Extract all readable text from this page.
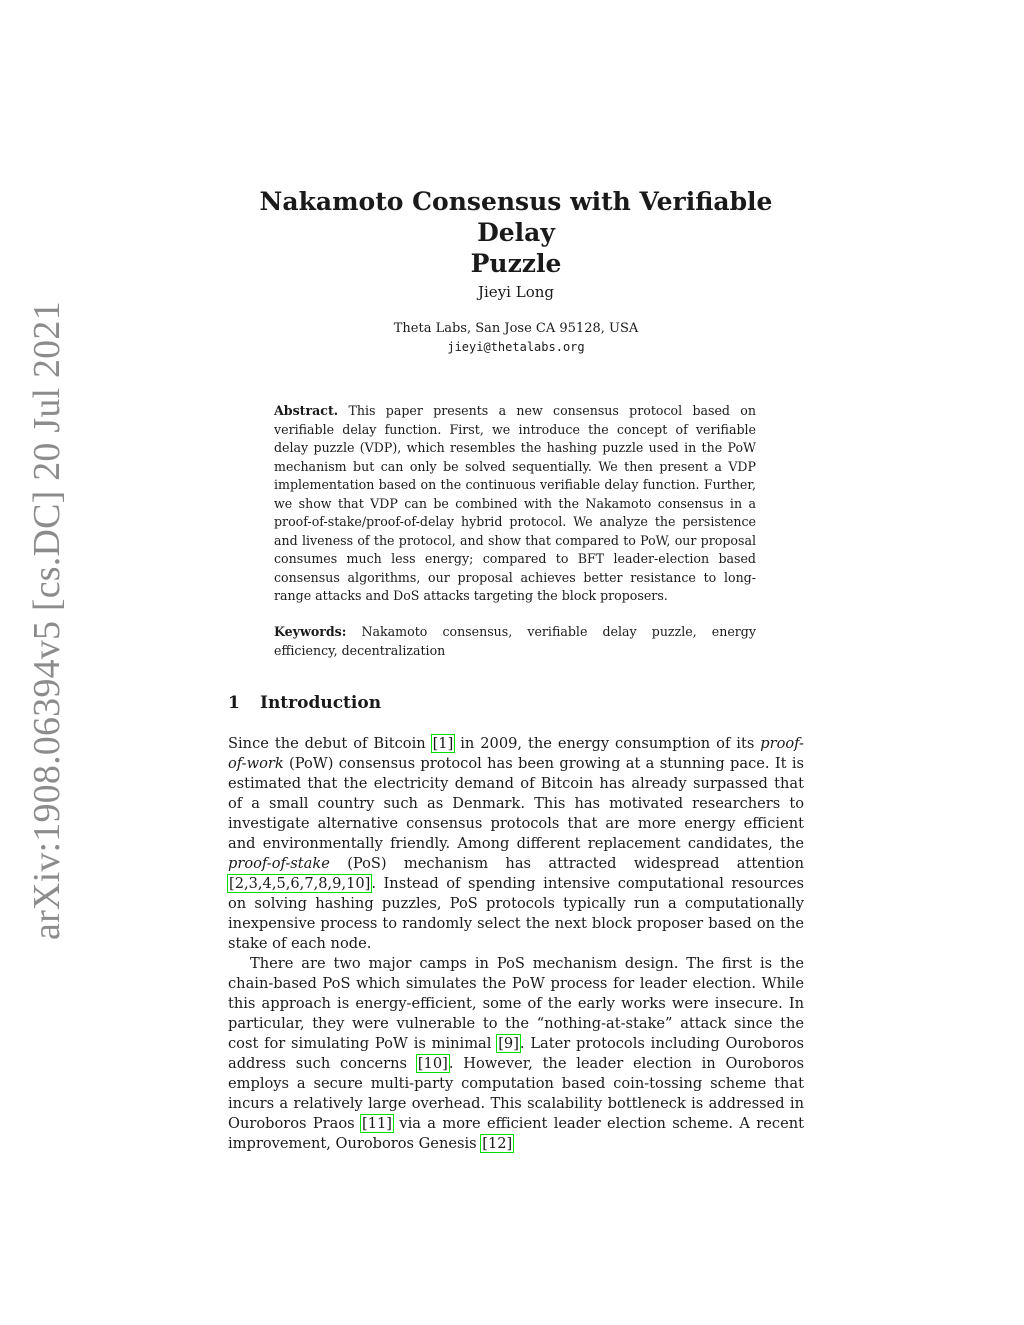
arXiv:1908.06394v5 [cs.DC] 20 Jul 2021
Nakamoto Consensus with Verifiable Delay
Puzzle
Jieyi Long
Theta Labs, San Jose CA 95128, USA
jieyi@thetalabs.org
Abstract. This paper presents a new consensus protocol based on verifiable delay function. First, we introduce the concept of verifiable delay puzzle (VDP), which resembles the hashing puzzle used in the PoW mechanism but can only be solved sequentially. We then present a VDP implementation based on the continuous verifiable delay function. Further, we show that VDP can be combined with the Nakamoto consensus in a proof-of-stake/proof-of-delay hybrid protocol. We analyze the persistence and liveness of the protocol, and show that compared to PoW, our proposal consumes much less energy; compared to BFT leader-election based consensus algorithms, our proposal achieves better resistance to long-range attacks and DoS attacks targeting the block proposers.
Keywords: Nakamoto consensus, verifiable delay puzzle, energy efficiency, decentralization
1 Introduction

Since the debut of Bitcoin [1] in 2009, the energy consumption of its proof-of-work (PoW) consensus protocol has been growing at a stunning pace. It is estimated that the electricity demand of Bitcoin has already surpassed that of a small country such as Denmark. This has motivated researchers to investigate alternative consensus protocols that are more energy efficient and environmentally friendly. Among different replacement candidates, the proof-of-stake (PoS) mechanism has attracted widespread attention [2,3,4,5,6,7,8,9,10]. Instead of spending intensive computational resources on solving hashing puzzles, PoS protocols typically run a computationally inexpensive process to randomly select the next block proposer based on the stake of each node.

There are two major camps in PoS mechanism design. The first is the chain-based PoS which simulates the PoW process for leader election. While this approach is energy-efficient, some of the early works were insecure. In particular, they were vulnerable to the “nothing-at-stake” attack since the cost for simulating PoW is minimal [9]. Later protocols including Ouroboros address such concerns [10]. However, the leader election in Ouroboros employs a secure multi-party computation based coin-tossing scheme that incurs a relatively large overhead. This scalability bottleneck is addressed in Ouroboros Praos [11] via a more efficient leader election scheme. A recent improvement, Ouroboros Genesis [12]
